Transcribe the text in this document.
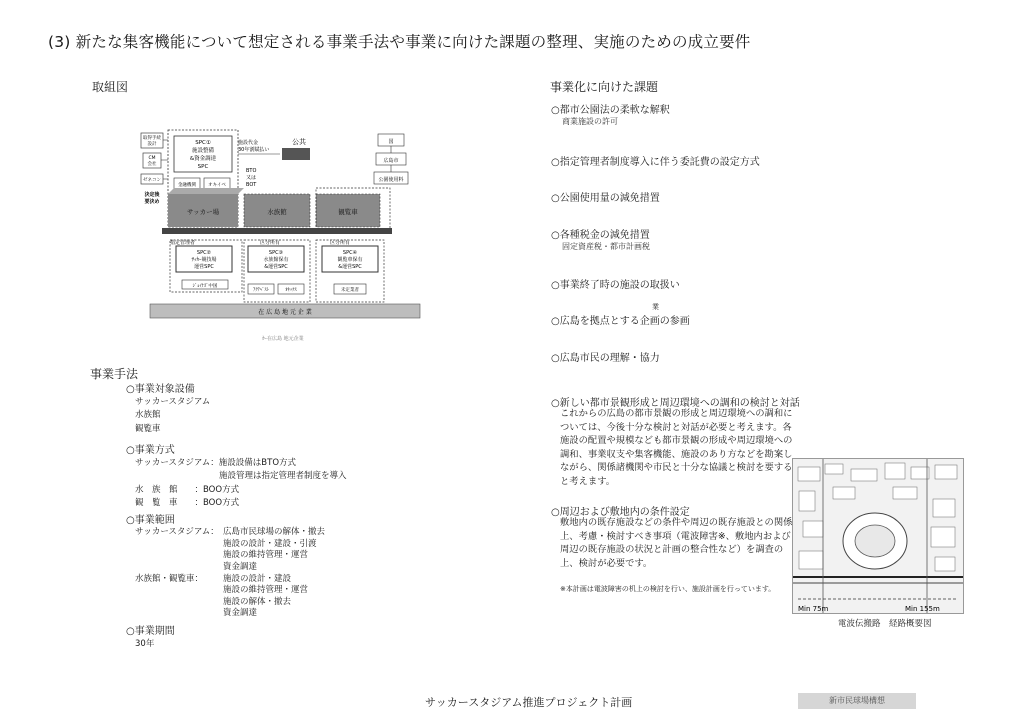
(3) 新たな集客機能について想定される事業手法や事業に向けた課題の整理、実施のための成立要件
取組図
取得手続
設計
CM
会社
ゼネコン
決定後
要決め
SPC①
施設整備
&資金調達
SPC
金融機関	オキイベ
施設代金
30年割賦払い
公共
BTO
又は
BOT
国
広島市
公園使用料
サッカー場	水族館	観覧車
指定管理者	区分所有	区分所有
SPC②
ｻｯｶｰ競技場
運営SPC
SPC③
水族館保有
&運営SPC
SPC④
観覧車保有
&運営SPC
ｼﾞｮｲﾅｽﾞ中国
ｱｸｱﾍﾞｽﾄ	ｵｷｯｸｽ	未定業者
在 広 島 地 元 企 業
ｶｰ在広島 地元企業
事業手法
○事業対象設備
サッカースタジアム
水族館
観覧車
○事業方式
サッカースタジアム：施設設備はBTO方式
施設管理は指定管理者制度を導入
水　族　館　　：BOO方式
観　覧　車　　：BOO方式
○事業範囲
サッカースタジアム： 広島市民球場の解体・撤去
施設の設計・建設・引渡
施設の維持管理・運営
資金調達
水族館・観覧車：	施設の設計・建設
施設の維持管理・運営
施設の解体・撤去
資金調達
○事業期間
30年
事業化に向けた課題
○都市公園法の柔軟な解釈
商業施設の許可
○指定管理者制度導入に伴う委託費の設定方式
○公園使用量の減免措置
○各種税金の減免措置
固定資産税・都市計画税
○事業終了時の施設の取扱い
業
○広島を拠点とする企画の参画
○広島市民の理解・協力
○新しい都市景観形成と周辺環境への調和の検討と対話
これからの広島の都市景観の形成と周辺環境への調和については、今後十分な検討と対話が必要と考えます。各施設の配置や規模なども都市景観の形成や周辺環境への調和、事業収支や集客機能、施設のあり方などを勘案しながら、関係諸機関や市民と十分な協議と検討を要すると考えます。
○周辺および敷地内の条件設定
敷地内の既存施設などの条件や周辺の既存施設との関係上、考慮・検討すべき事項（電波障害※、敷地内および周辺の既存施設の状況と計画の整合性など）を調査の上、検討が必要です。
※本計画は電波障害の机上の検討を行い、施設計画を行っています。
Min 75m	Min 155m
電波伝搬路　経路概要図
サッカースタジアム推進プロジェクト計画	新市民球場構想
